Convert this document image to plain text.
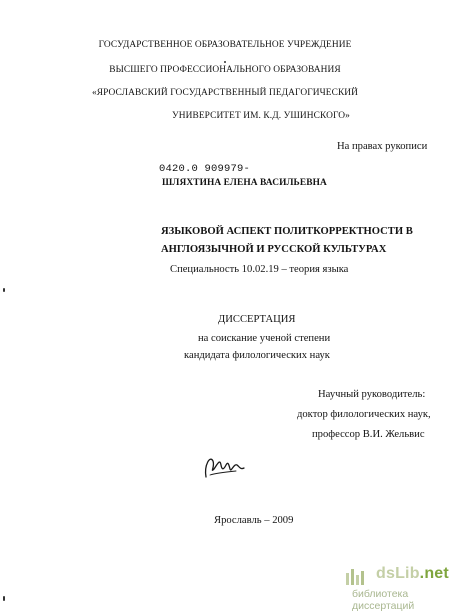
ГОСУДАРСТВЕННОЕ ОБРАЗОВАТЕЛЬНОЕ УЧРЕЖДЕНИЕ
ВЫСШЕГО ПРОФЕССИОНАЛЬНОГО ОБРАЗОВАНИЯ
«ЯРОСЛАВСКИЙ ГОСУДАРСТВЕННЫЙ ПЕДАГОГИЧЕСКИЙ
УНИВЕРСИТЕТ ИМ. К.Д. УШИНСКОГО»
На правах рукописи
0420.0 909979-
ШЛЯХТИНА ЕЛЕНА ВАСИЛЬЕВНА
ЯЗЫКОВОЙ АСПЕКТ ПОЛИТКОРРЕКТНОСТИ В
АНГЛОЯЗЫЧНОЙ И РУССКОЙ КУЛЬТУРАХ
Специальность 10.02.19 – теория языка
ДИССЕРТАЦИЯ
на соискание ученой степени
кандидата филологических наук
Научный руководитель:
доктор филологических наук,
профессор В.И. Жельвис
Ярославль – 2009
dsLib.net
библиотека диссертаций
